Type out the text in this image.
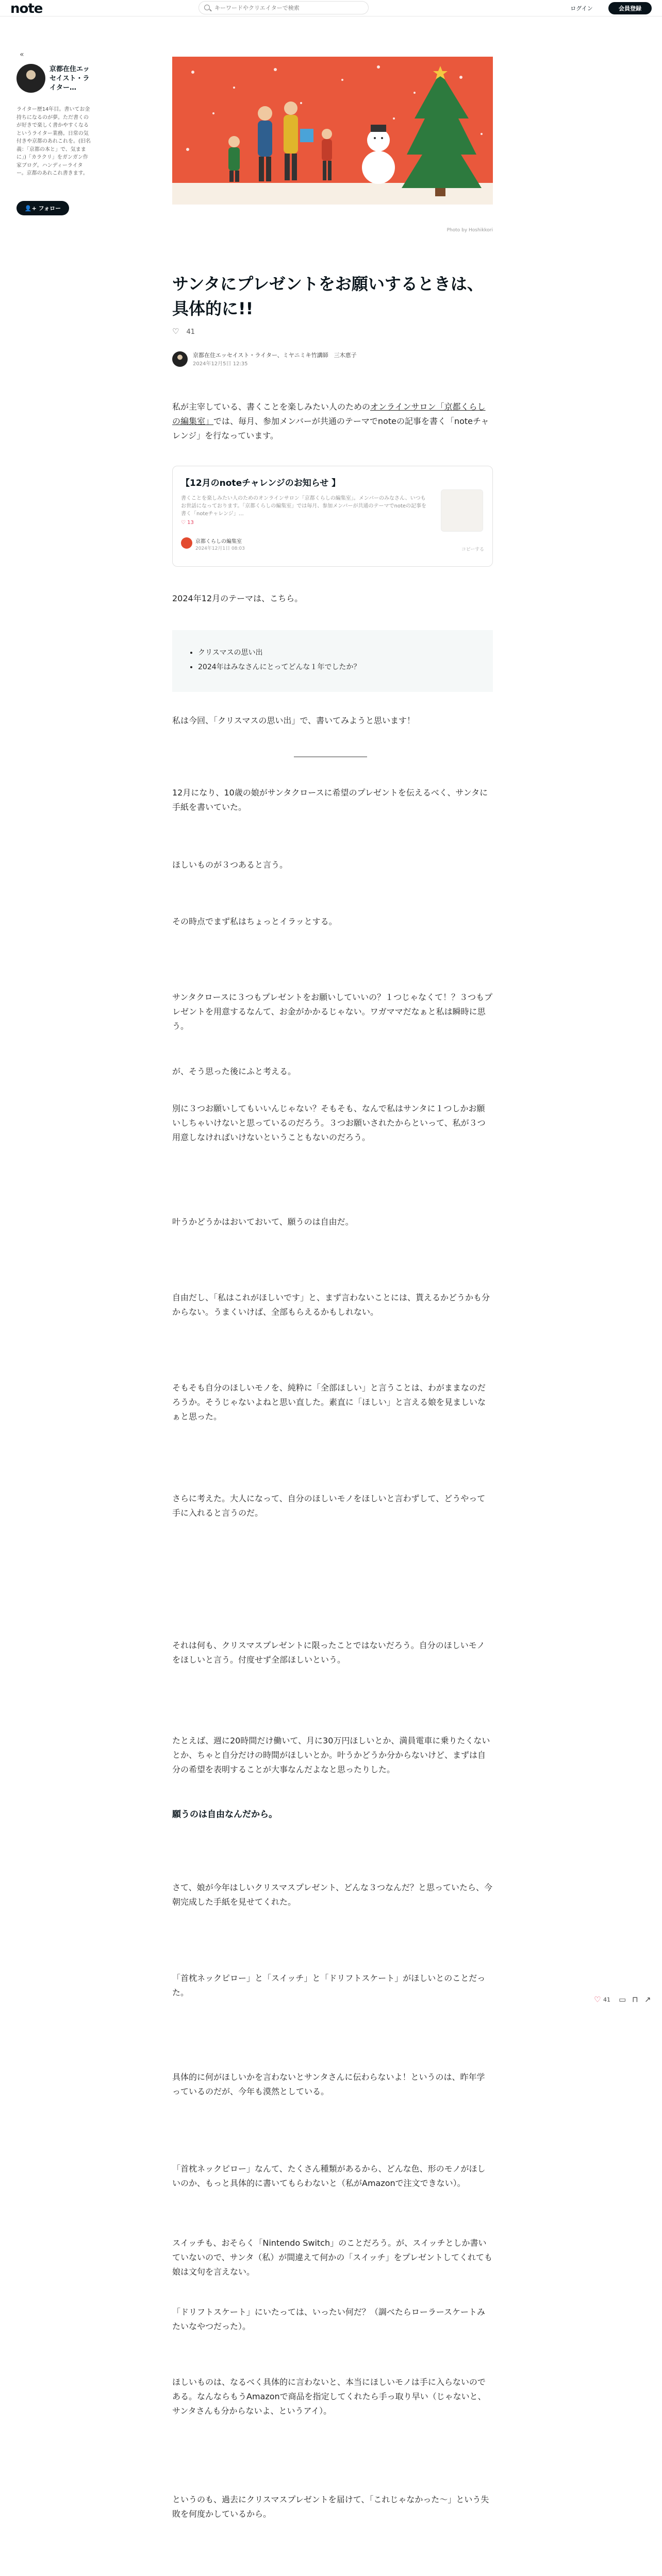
note
キーワードやクリエイターで検索	ログイン	会員登録
«
京都在住エッセイスト・ライター…
ライター歴14年目。書いてお金持ちになるのが夢。ただ書くのが好きで楽しく書かやすくなるというライター業務。日常の気付きや京都のあれこれを。(旧名義：「京都の本と」で、気ままに」)「カラクリ」をガンガン作家ブログ。ハンディーライター。京都のあれこれ書きます。
👤+ フォロー
Photo by Hoshikkori
サンタにプレゼントをお願いするときは、具体的に!!
♡ 41
京都在住エッセイスト・ライター、ミヤニミキ竹講師　三木恵子
2024年12月5日 12:35

私が主宰している、書くことを楽しみたい人のためのオンラインサロン「京都くらしの編集室」では、毎月、参加メンバーが共通のテーマでnoteの記事を書く「noteチャレンジ」を行なっています。

【12月のnoteチャレンジのお知らせ 】
書くことを楽しみたい人のためのオンラインサロン「京都くらしの編集室」。メンバーのみなさん、いつもお世話になっております。「京都くらしの編集室」では毎月、参加メンバーが共通のテーマでnoteの記事を書く「noteチャレンジ」…
♡ 13
京都くらしの編集室
2024年12月1日 08:03	コピーする

2024年12月のテーマは、こちら。

• クリスマスの思い出
• 2024年はみなさんにとってどんな１年でしたか？

私は今回、「クリスマスの思い出」で、書いてみようと思います！

12月になり、10歳の娘がサンタクロースに希望のプレゼントを伝えるべく、サンタに手紙を書いていた。

ほしいものが３つあると言う。

その時点でまず私はちょっとイラッとする。

サンタクロースに３つもプレゼントをお願いしていいの？１つじゃなくて！？３つもプレゼントを用意するなんて、お金がかかるじゃない。ワガママだなぁと私は瞬時に思う。

が、そう思った後にふと考える。

別に３つお願いしてもいいんじゃない？そもそも、なんで私はサンタに１つしかお願いしちゃいけないと思っているのだろう。３つお願いされたからといって、私が３つ用意しなければいけないということもないのだろう。

叶うかどうかはおいておいて、願うのは自由だ。

自由だし、「私はこれがほしいです」と、まず言わないことには、貰えるかどうかも分からない。うまくいけば、全部もらえるかもしれない。

そもそも自分のほしいモノを、純粋に「全部ほしい」と言うことは、わがままなのだろうか。そうじゃないよねと思い直した。素直に「ほしい」と言える娘を見ましいなぁと思った。

さらに考えた。大人になって、自分のほしいモノをほしいと言わずして、どうやって手に入れると言うのだ。

それは何も、クリスマスプレゼントに限ったことではないだろう。自分のほしいモノをほしいと言う。付度せず全部ほしいという。

たとえば、週に20時間だけ働いて、月に30万円ほしいとか、満員電車に乗りたくないとか、ちゃと自分だけの時間がほしいとか。叶うかどうか分からないけど、まずは自分の希望を表明することが大事なんだよなと思ったりした。

願うのは自由なんだから。

さて、娘が今年はしいクリスマスプレゼント、どんな３つなんだ？と思っていたら、今朝完成した手紙を見せてくれた。

「首枕ネックピロー」と「スイッチ」と「ドリフトスケート」がほしいとのことだった。

具体的に何がほしいかを言わないとサンタさんに伝わらないよ！というのは、昨年学っているのだが、今年も漠然としている。

「首枕ネックピロー」なんて、たくさん種類があるから、どんな色、形のモノがほしいのか、もっと具体的に書いてもらわないと（私がAmazonで注文できない）。

スイッチも、おそらく「Nintendo Switch」のことだろう。が、スイッチとしか書いていないので、サンタ（私）が間違えて何かの「スイッチ」をプレゼントしてくれても娘は文句を言えない。

「ドリフトスケート」にいたっては、いったい何だ？（調べたらローラースケートみたいなやつだった）。

ほしいものは、なるべく具体的に言わないと、本当にほしいモノは手に入らないのである。なんならもうAmazonで商品を指定してくれたら手っ取り早い（じゃないと、サンタさんも分からないよ、というアイ）。

というのも、過去にクリスマスプレゼントを届けて、「これじゃなかった～」という失敗を何度かしているから。

♡ 41 ▭ ⊓ ↗
